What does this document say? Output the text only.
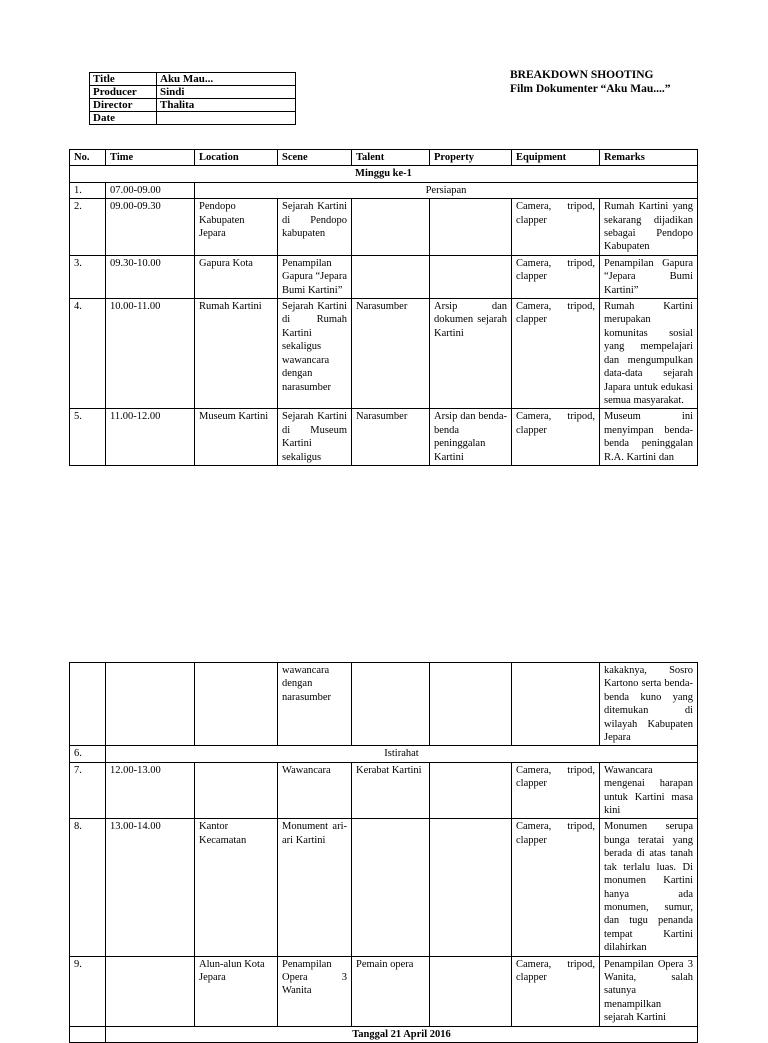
Title	Aku Mau...
Producer	Sindi
Director	Thalita
Date	
BREAKDOWN SHOOTING
Film Dokumenter “Aku Mau....”
No.	Time	Location	Scene	Talent	Property	Equipment	Remarks
Minggu ke-1							
1.	07.00-09.00	Persiapan					
2.	09.00-09.30	Pendopo Kabupaten Jepara	Sejarah Kartini di Pendopo kabupaten			Camera, tripod, clapper	Rumah Kartini yang sekarang dijadikan sebagai Pendopo Kabupaten
3.	09.30-10.00	Gapura Kota	Penampilan Gapura “Jepara Bumi Kartini”			Camera, tripod, clapper	Penampilan Gapura “Jepara Bumi Kartini”
4.	10.00-11.00	Rumah Kartini	Sejarah Kartini di Rumah Kartini sekaligus wawancara dengan narasumber	Narasumber	Arsip dan dokumen sejarah Kartini	Camera, tripod, clapper	Rumah Kartini merupakan komunitas sosial yang mempelajari dan mengumpulkan data-data sejarah Japara untuk edukasi semua masyarakat.
5.	11.00-12.00	Museum Kartini	Sejarah Kartini di Museum Kartini sekaligus	Narasumber	Arsip dan benda-benda peninggalan Kartini	Camera, tripod, clapper	Museum ini menyimpan benda-benda peninggalan R.A. Kartini dan
			wawancara dengan narasumber				kakaknya, Sosro Kartono serta benda-benda kuno yang ditemukan di wilayah Kabupaten Jepara
6.	Istirahat						
7.	12.00-13.00		Wawancara	Kerabat Kartini		Camera, tripod, clapper	Wawancara mengenai harapan untuk Kartini masa kini
8.	13.00-14.00	Kantor Kecamatan	Monument ari-ari Kartini			Camera, tripod, clapper	Monumen serupa bunga teratai yang berada di atas tanah tak terlalu luas. Di monumen Kartini hanya ada monumen, sumur, dan tugu penanda tempat Kartini dilahirkan
9.		Alun-alun Kota Jepara	Penampilan Opera 3 Wanita	Pemain opera		Camera, tripod, clapper	Penampilan Opera 3 Wanita, salah satunya menampilkan sejarah Kartini
	Tanggal 21 April 2016						
